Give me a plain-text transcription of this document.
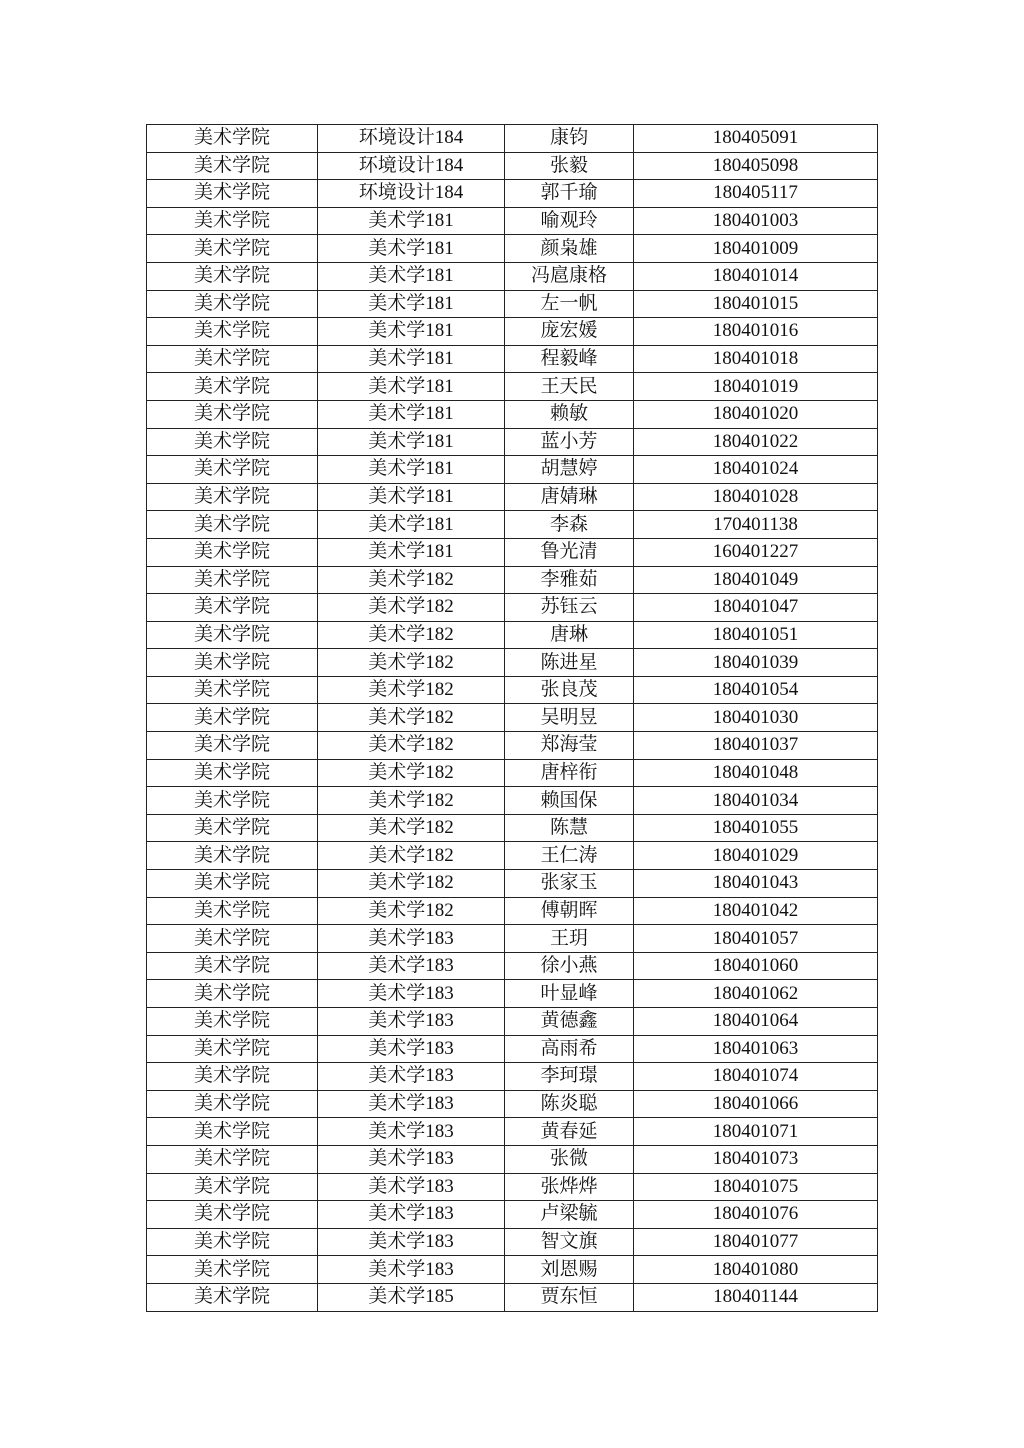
美术学院	环境设计184	康钧	180405091
美术学院	环境设计184	张毅	180405098
美术学院	环境设计184	郭千瑜	180405117
美术学院	美术学181	喻观玲	180401003
美术学院	美术学181	颜枭雄	180401009
美术学院	美术学181	冯扈康格	180401014
美术学院	美术学181	左一帆	180401015
美术学院	美术学181	庞宏媛	180401016
美术学院	美术学181	程毅峰	180401018
美术学院	美术学181	王天民	180401019
美术学院	美术学181	赖敏	180401020
美术学院	美术学181	蓝小芳	180401022
美术学院	美术学181	胡慧婷	180401024
美术学院	美术学181	唐婧琳	180401028
美术学院	美术学181	李森	170401138
美术学院	美术学181	鲁光清	160401227
美术学院	美术学182	李雅茹	180401049
美术学院	美术学182	苏钰云	180401047
美术学院	美术学182	唐琳	180401051
美术学院	美术学182	陈进星	180401039
美术学院	美术学182	张良茂	180401054
美术学院	美术学182	吴明昱	180401030
美术学院	美术学182	郑海莹	180401037
美术学院	美术学182	唐梓衔	180401048
美术学院	美术学182	赖国保	180401034
美术学院	美术学182	陈慧	180401055
美术学院	美术学182	王仁涛	180401029
美术学院	美术学182	张家玉	180401043
美术学院	美术学182	傅朝晖	180401042
美术学院	美术学183	王玥	180401057
美术学院	美术学183	徐小燕	180401060
美术学院	美术学183	叶显峰	180401062
美术学院	美术学183	黄德鑫	180401064
美术学院	美术学183	高雨希	180401063
美术学院	美术学183	李珂璟	180401074
美术学院	美术学183	陈炎聪	180401066
美术学院	美术学183	黄春延	180401071
美术学院	美术学183	张微	180401073
美术学院	美术学183	张烨烨	180401075
美术学院	美术学183	卢梁毓	180401076
美术学院	美术学183	智文旗	180401077
美术学院	美术学183	刘恩赐	180401080
美术学院	美术学185	贾东恒	180401144
